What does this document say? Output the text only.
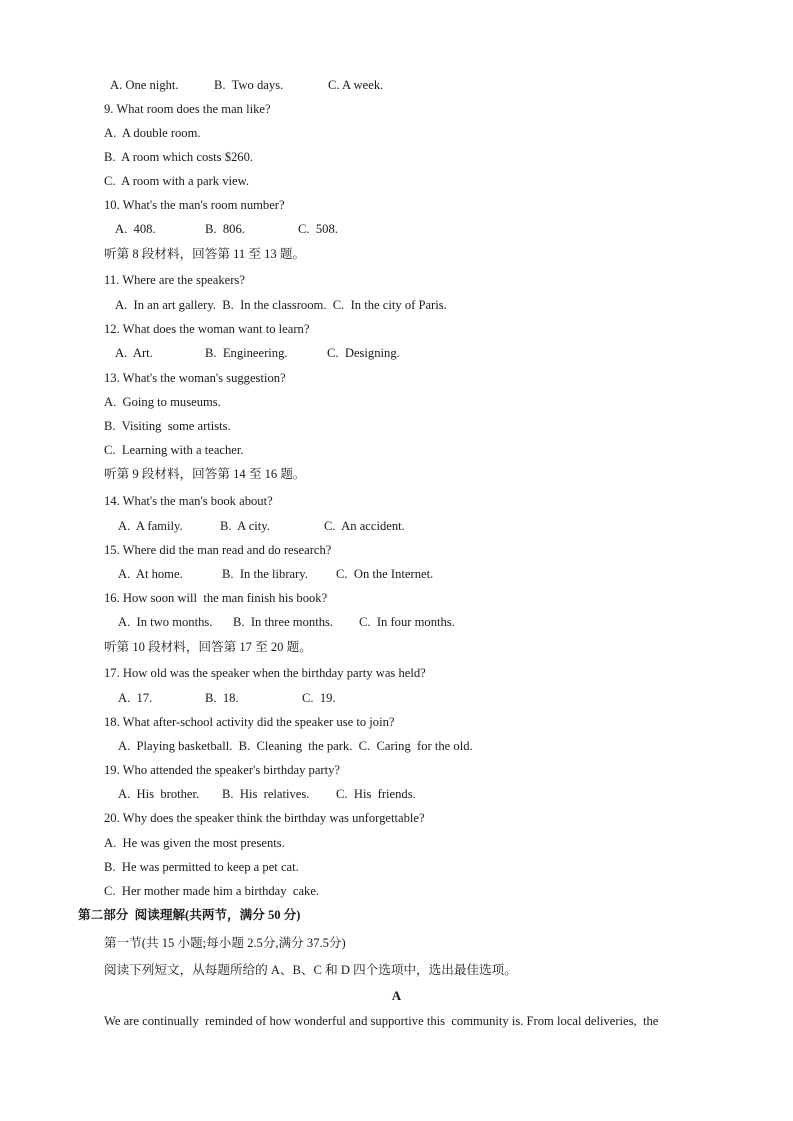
A. One night.

	B.  Two days.

	C. A week.

9. What room does the man like?
A.  A double room.
B.  A room which costs $260.
C.  A room with a park view.
10. What's the man's room number?

A.  408.

	B.  806.

	C.  508.

听第 8 段材料，回答第 11 至 13 题。
11. Where are the speakers?
A.  In an art gallery.  B.  In the classroom.  C.  In the city of Paris.
12. What does the woman want to learn?

A.  Art.

	B.  Engineering.

	C.  Designing.

13. What's the woman's suggestion?
A.  Going to museums.
B.  Visiting  some artists.
C.  Learning with a teacher.
听第 9 段材料，回答第 14 至 16 题。
14. What's the man's book about?

A.  A family.

	B.  A city.

	C.  An accident.

15. Where did the man read and do research?

A.  At home.

	B.  In the library.

C.  On the Internet.

16. How soon will  the man finish his book?

A.  In two months.

B.  In three months.

C.  In four months.

听第 10 段材料，回答第 17 至 20 题。
17. How old was the speaker when the birthday party was held?

A.  17.

	B.  18.

	C.  19.

18. What after-school activity did the speaker use to join?
A.  Playing basketball.  B.  Cleaning  the park.  C.  Caring  for the old.
19. Who attended the speaker's birthday party?

A.  His  brother.

B.  His  relatives.

C.  His  friends.

20. Why does the speaker think the birthday was unforgettable?
A.  He was given the most presents.
B.  He was permitted to keep a pet cat.
C.  Her mother made him a birthday  cake.
第二部分  阅读理解(共两节，满分 50 分)
第一节(共 15 小题;每小题 2.5分,满分 37.5分)
阅读下列短文，从每题所给的 A、B、C 和 D 四个选项中，选出最佳选项。
A
We are continually  reminded of how wonderful and supportive this  community is. From local deliveries,  the
